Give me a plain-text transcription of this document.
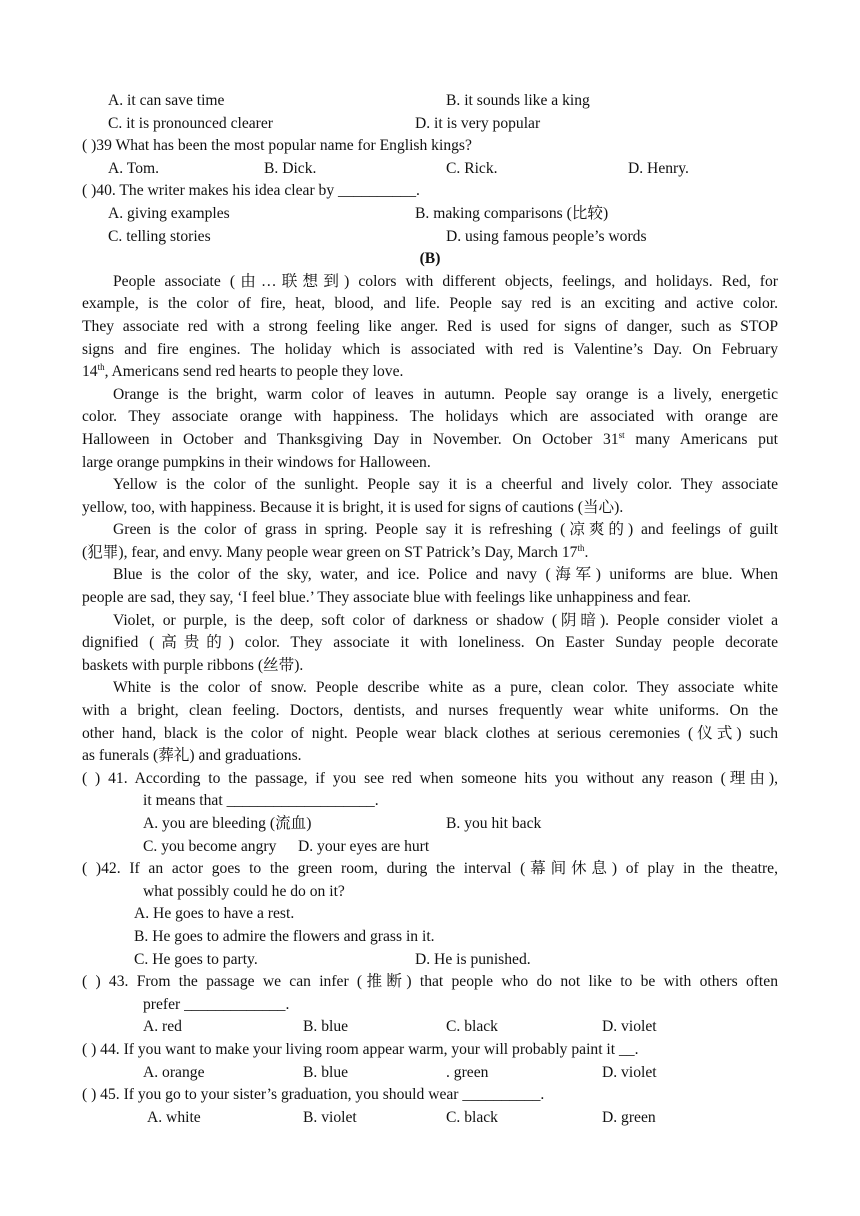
A. it can save time	B. it sounds like a king
C. it is pronounced clearer	D. it is very popular
( )39 What has been the most popular name for English kings?
A. Tom.	B. Dick.	C. Rick.	D. Henry.
( )40. The writer makes his idea clear by __________.
A. giving examples	B. making comparisons (比较)
C. telling stories	D. using famous people’s words
(B)
People associate (由…联想到) colors with different objects, feelings, and holidays. Red, for
example, is the color of fire, heat, blood, and life. People say red is an exciting and active color.
They associate red with a strong feeling like anger. Red is used for signs of danger, such as STOP
signs and fire engines. The holiday which is associated with red is Valentine’s Day. On February
14th, Americans send red hearts to people they love.
Orange is the bright, warm color of leaves in autumn. People say orange is a lively, energetic
color. They associate orange with happiness. The holidays which are associated with orange are
Halloween in October and Thanksgiving Day in November. On October 31st many Americans put
large orange pumpkins in their windows for Halloween.
Yellow is the color of the sunlight. People say it is a cheerful and lively color. They associate
yellow, too, with happiness. Because it is bright, it is used for signs of cautions (当心).
Green is the color of grass in spring. People say it is refreshing (凉爽的) and feelings of guilt
(犯罪), fear, and envy. Many people wear green on ST Patrick’s Day, March 17th.
Blue is the color of the sky, water, and ice. Police and navy (海军) uniforms are blue. When
people are sad, they say, ‘I feel blue.’ They associate blue with feelings like unhappiness and fear.
Violet, or purple, is the deep, soft color of darkness or shadow (阴暗). People consider violet a
dignified (高贵的) color. They associate it with loneliness. On Easter Sunday people decorate
baskets with purple ribbons (丝带).
White is the color of snow. People describe white as a pure, clean color. They associate white
with a bright, clean feeling. Doctors, dentists, and nurses frequently wear white uniforms. On the
other hand, black is the color of night. People wear black clothes at serious ceremonies (仪式) such
as funerals (葬礼) and graduations.
( ) 41. According to the passage, if you see red when someone hits you without any reason (理由),
it means that ___________________.
A. you are bleeding (流血)	B. you hit back
C. you become angry D. your eyes are hurt
( )42. If an actor goes to the green room, during the interval (幕间休息) of play in the theatre,
what possibly could he do on it?
A. He goes to have a rest.
B. He goes to admire the flowers and grass in it.
C. He goes to party.	D. He is punished.
( ) 43. From the passage we can infer (推断) that people who do not like to be with others often
prefer _____________.
A. red	B. blue	C. black	D. violet
( ) 44. If you want to make your living room appear warm, your will probably paint it __.
A. orange	B. blue	. green	D. violet
( ) 45. If you go to your sister’s graduation, you should wear __________.
A. white	B. violet	C. black	D. green
